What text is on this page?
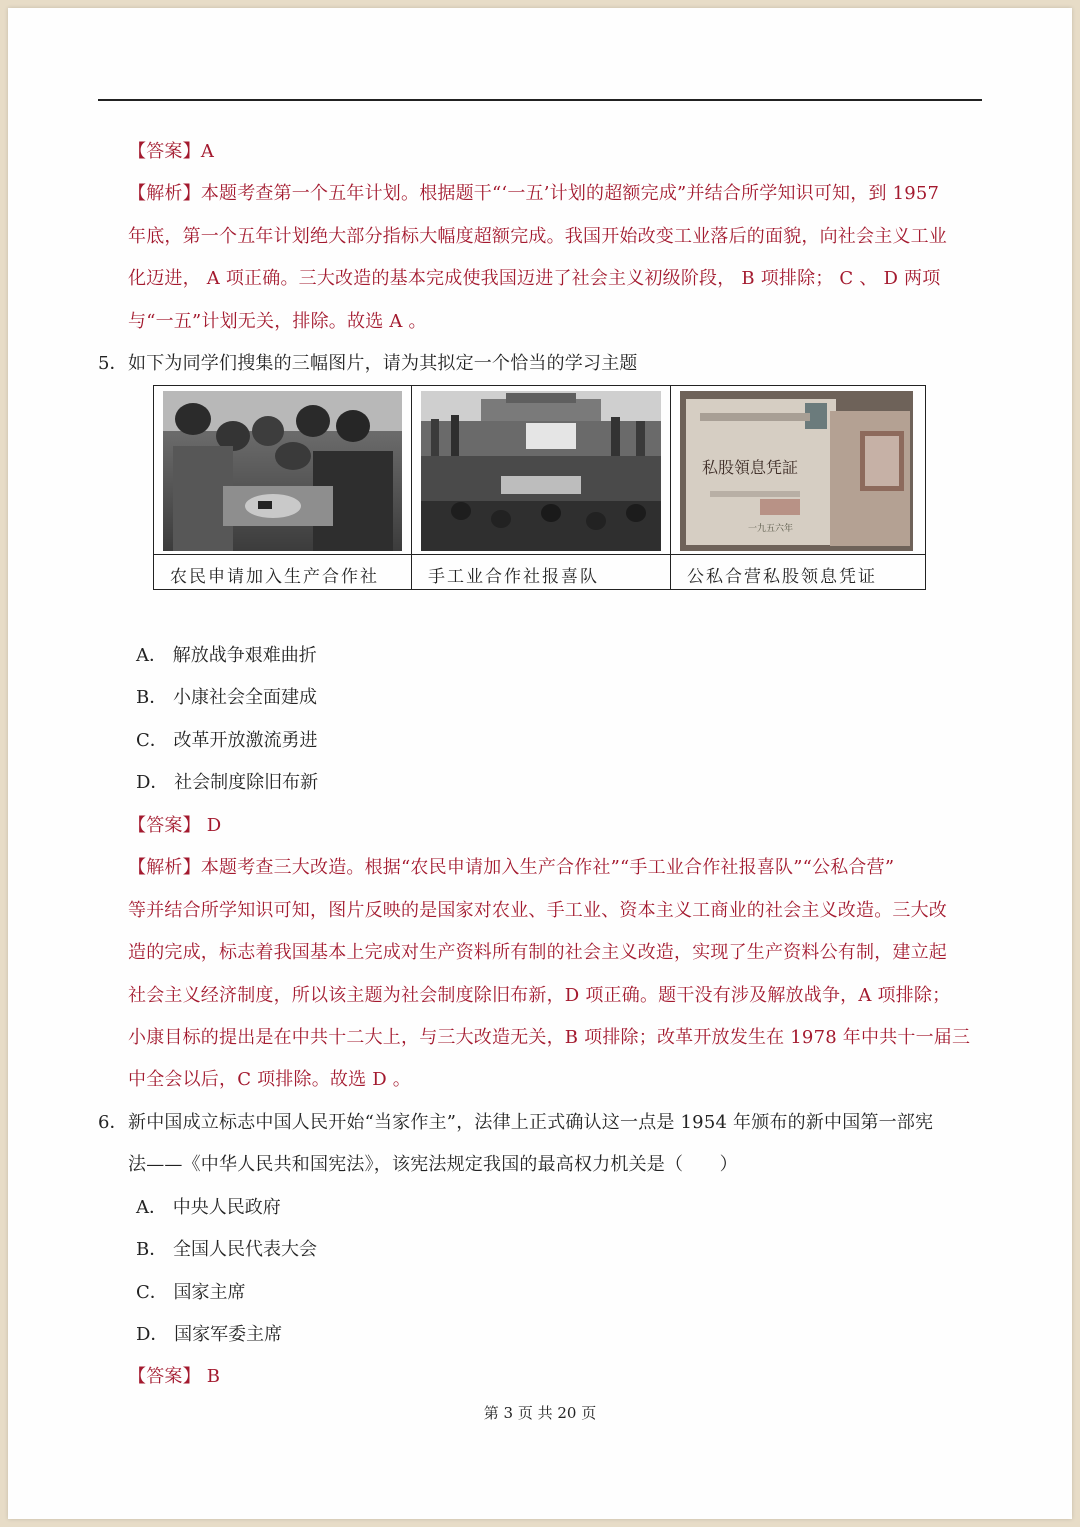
【答案】A
【解析】本题考查第一个五年计划。根据题干“‘一五’计划的超额完成”并结合所学知识可知，到 1957
年底，第一个五年计划绝大部分指标大幅度超额完成。我国开始改变工业落后的面貌，向社会主义工业
化迈进， A 项正确。三大改造的基本完成使我国迈进了社会主义初级阶段， B 项排除； C 、 D 两项
与“一五”计划无关，排除。故选 A 。
5． 如下为同学们搜集的三幅图片，请为其拟定一个恰当的学习主题
农民申请加入生产合作社	手工业合作社报喜队
私股領息凭証
一九五六年
公私合营私股领息凭证
A． 解放战争艰难曲折
B． 小康社会全面建成
C． 改革开放激流勇进
D． 社会制度除旧布新
【答案】 D
【解析】本题考查三大改造。根据“农民申请加入生产合作社”“手工业合作社报喜队”“公私合营”
等并结合所学知识可知，图片反映的是国家对农业、手工业、资本主义工商业的社会主义改造。三大改
造的完成，标志着我国基本上完成对生产资料所有制的社会主义改造，实现了生产资料公有制，建立起
社会主义经济制度，所以该主题为社会制度除旧布新，D 项正确。题干没有涉及解放战争，A 项排除；
小康目标的提出是在中共十二大上，与三大改造无关，B 项排除；改革开放发生在 1978 年中共十一届三
中全会以后，C 项排除。故选 D 。
6． 新中国成立标志中国人民开始“当家作主”，法律上正式确认这一点是 1954 年颁布的新中国第一部宪
法——《中华人民共和国宪法》，该宪法规定我国的最高权力机关是（　　）
A． 中央人民政府
B． 全国人民代表大会
C． 国家主席
D． 国家军委主席
【答案】 B
第 3 页 共 20 页
